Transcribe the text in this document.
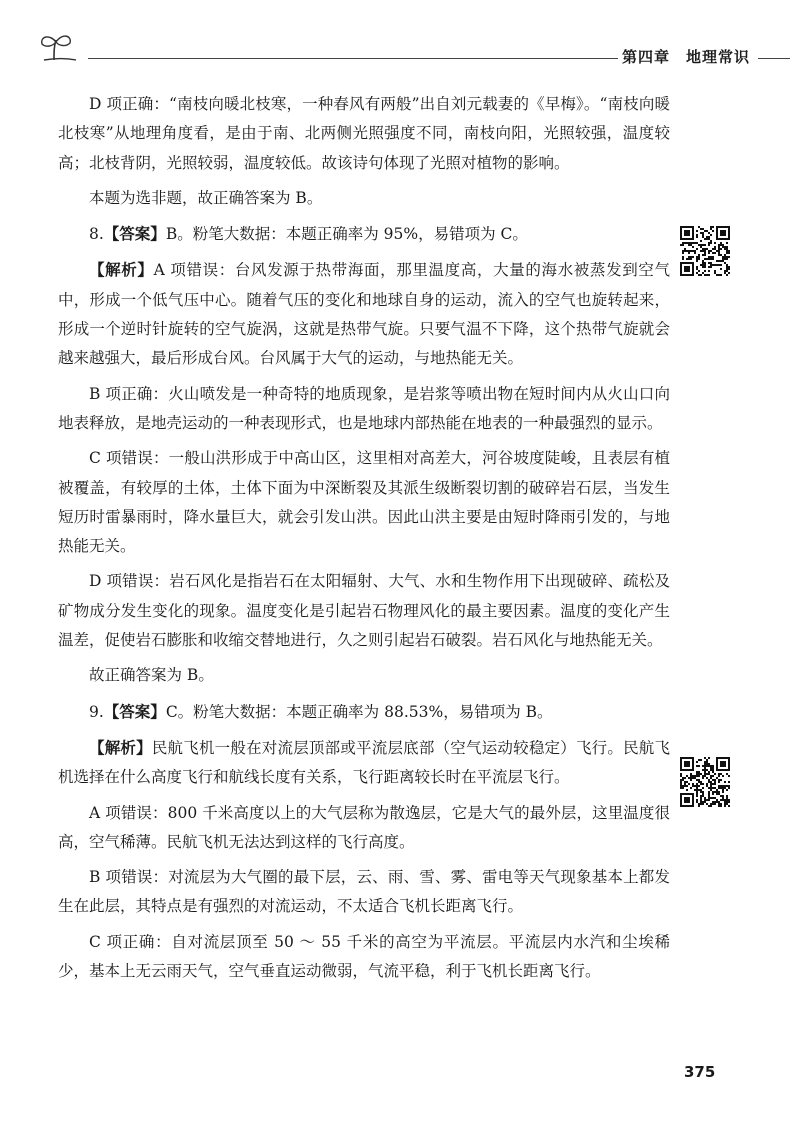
第四章　地理常识

D 项正确：“南枝向暖北枝寒，一种春风有两般”出自刘元载妻的《早梅》。“南枝向暖北枝寒”从地理角度看，是由于南、北两侧光照强度不同，南枝向阳，光照较强，温度较高；北枝背阴，光照较弱，温度较低。故该诗句体现了光照对植物的影响。

本题为选非题，故正确答案为 B。

8.【答案】B。粉笔大数据：本题正确率为 95%，易错项为 C。

【解析】A 项错误：台风发源于热带海面，那里温度高，大量的海水被蒸发到空气中，形成一个低气压中心。随着气压的变化和地球自身的运动，流入的空气也旋转起来，形成一个逆时针旋转的空气旋涡，这就是热带气旋。只要气温不下降，这个热带气旋就会越来越强大，最后形成台风。台风属于大气的运动，与地热能无关。

B 项正确：火山喷发是一种奇特的地质现象，是岩浆等喷出物在短时间内从火山口向地表释放，是地壳运动的一种表现形式，也是地球内部热能在地表的一种最强烈的显示。

C 项错误：一般山洪形成于中高山区，这里相对高差大，河谷坡度陡峻，且表层有植被覆盖，有较厚的土体，土体下面为中深断裂及其派生级断裂切割的破碎岩石层，当发生短历时雷暴雨时，降水量巨大，就会引发山洪。因此山洪主要是由短时降雨引发的，与地热能无关。

D 项错误：岩石风化是指岩石在太阳辐射、大气、水和生物作用下出现破碎、疏松及矿物成分发生变化的现象。温度变化是引起岩石物理风化的最主要因素。温度的变化产生温差，促使岩石膨胀和收缩交替地进行，久之则引起岩石破裂。岩石风化与地热能无关。

故正确答案为 B。

9.【答案】C。粉笔大数据：本题正确率为 88.53%，易错项为 B。

【解析】民航飞机一般在对流层顶部或平流层底部（空气运动较稳定）飞行。民航飞机选择在什么高度飞行和航线长度有关系，飞行距离较长时在平流层飞行。

A 项错误：800 千米高度以上的大气层称为散逸层，它是大气的最外层，这里温度很高，空气稀薄。民航飞机无法达到这样的飞行高度。

B 项错误：对流层为大气圈的最下层，云、雨、雪、雾、雷电等天气现象基本上都发生在此层，其特点是有强烈的对流运动，不太适合飞机长距离飞行。

C 项正确：自对流层顶至 50 ～ 55 千米的高空为平流层。平流层内水汽和尘埃稀少，基本上无云雨天气，空气垂直运动微弱，气流平稳，利于飞机长距离飞行。

375
